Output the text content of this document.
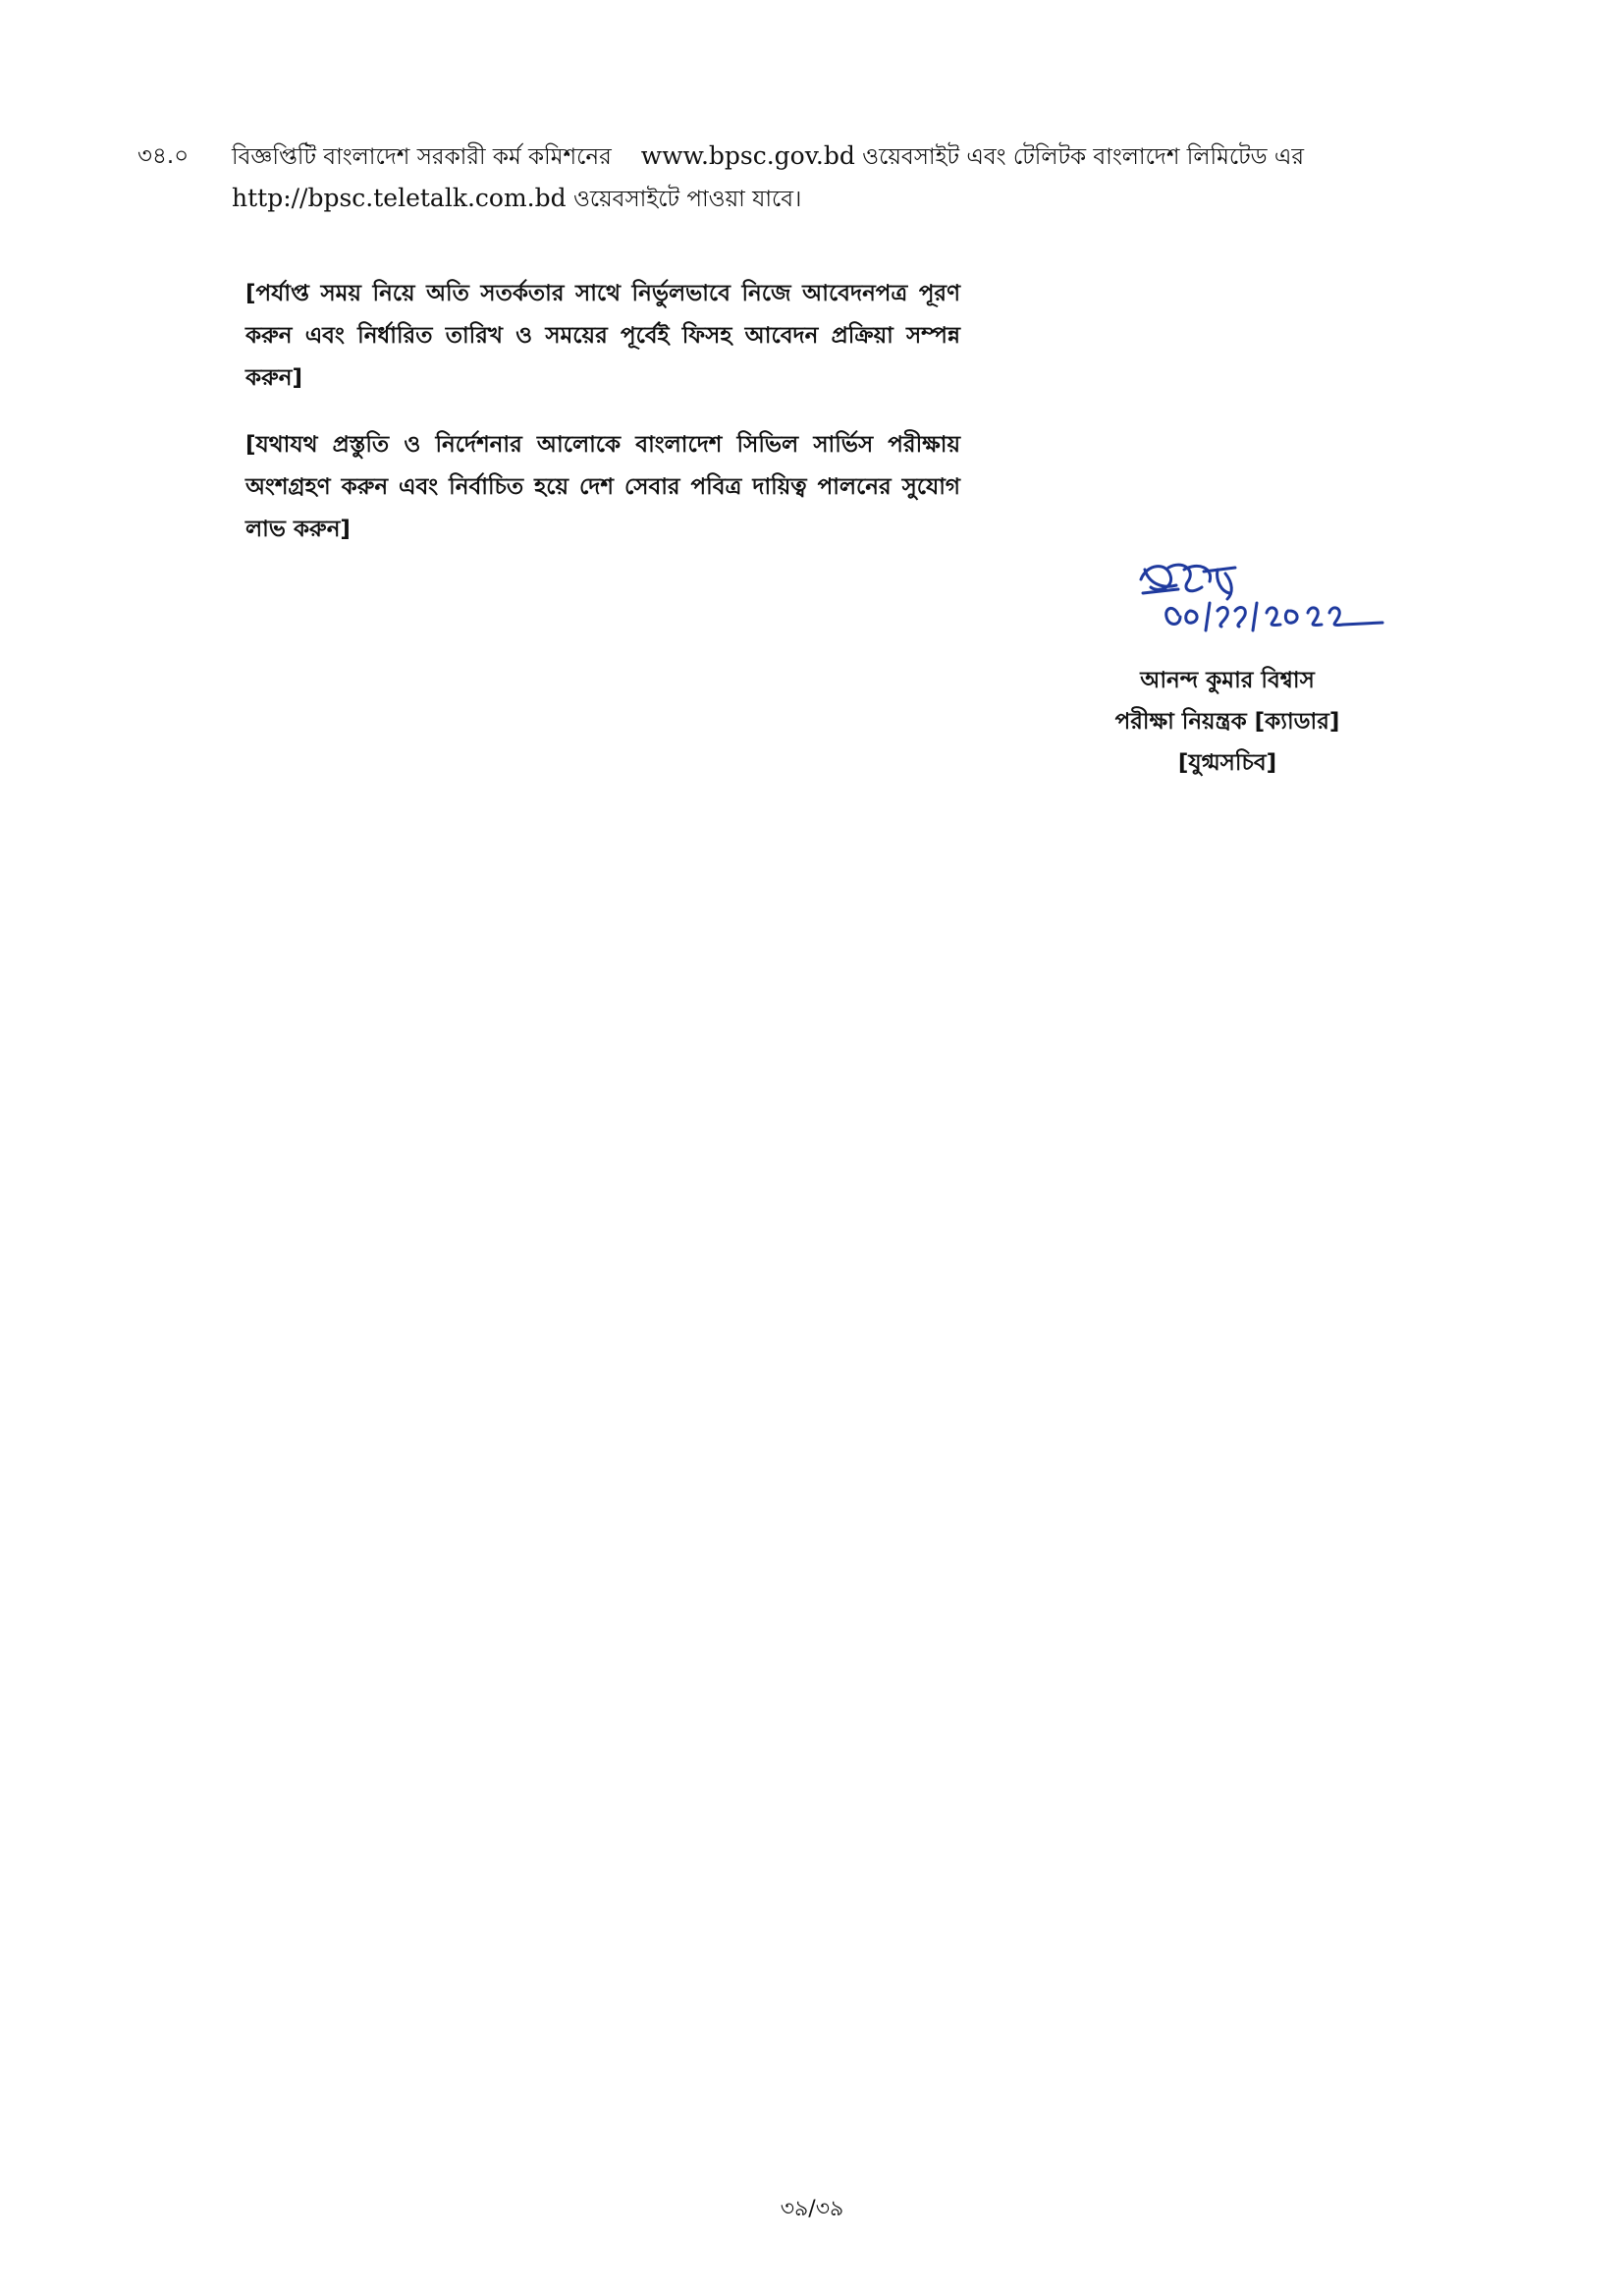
৩৪.০	বিজ্ঞপ্তিটি বাংলাদেশ সরকারী কর্ম কমিশনের www.bpsc.gov.bd ওয়েবসাইট এবং টেলিটক বাংলাদেশ লিমিটেড এর
http://bpsc.teletalk.com.bd ওয়েবসাইটে পাওয়া যাবে।
[পর্যাপ্ত সময় নিয়ে অতি সতর্কতার সাথে নির্ভুলভাবে নিজে আবেদনপত্র পূরণ করুন এবং নির্ধারিত তারিখ ও সময়ের পূর্বেই ফিসহ আবেদন প্রক্রিয়া সম্পন্ন করুন]
[যথাযথ প্রস্তুতি ও নির্দেশনার আলোকে বাংলাদেশ সিভিল সার্ভিস পরীক্ষায় অংশগ্রহণ করুন এবং নির্বাচিত হয়ে দেশ সেবার পবিত্র দায়িত্ব পালনের সুযোগ লাভ করুন]
আনন্দ কুমার বিশ্বাস
পরীক্ষা নিয়ন্ত্রক [ক্যাডার]
[যুগ্মসচিব]
৩৯/৩৯
